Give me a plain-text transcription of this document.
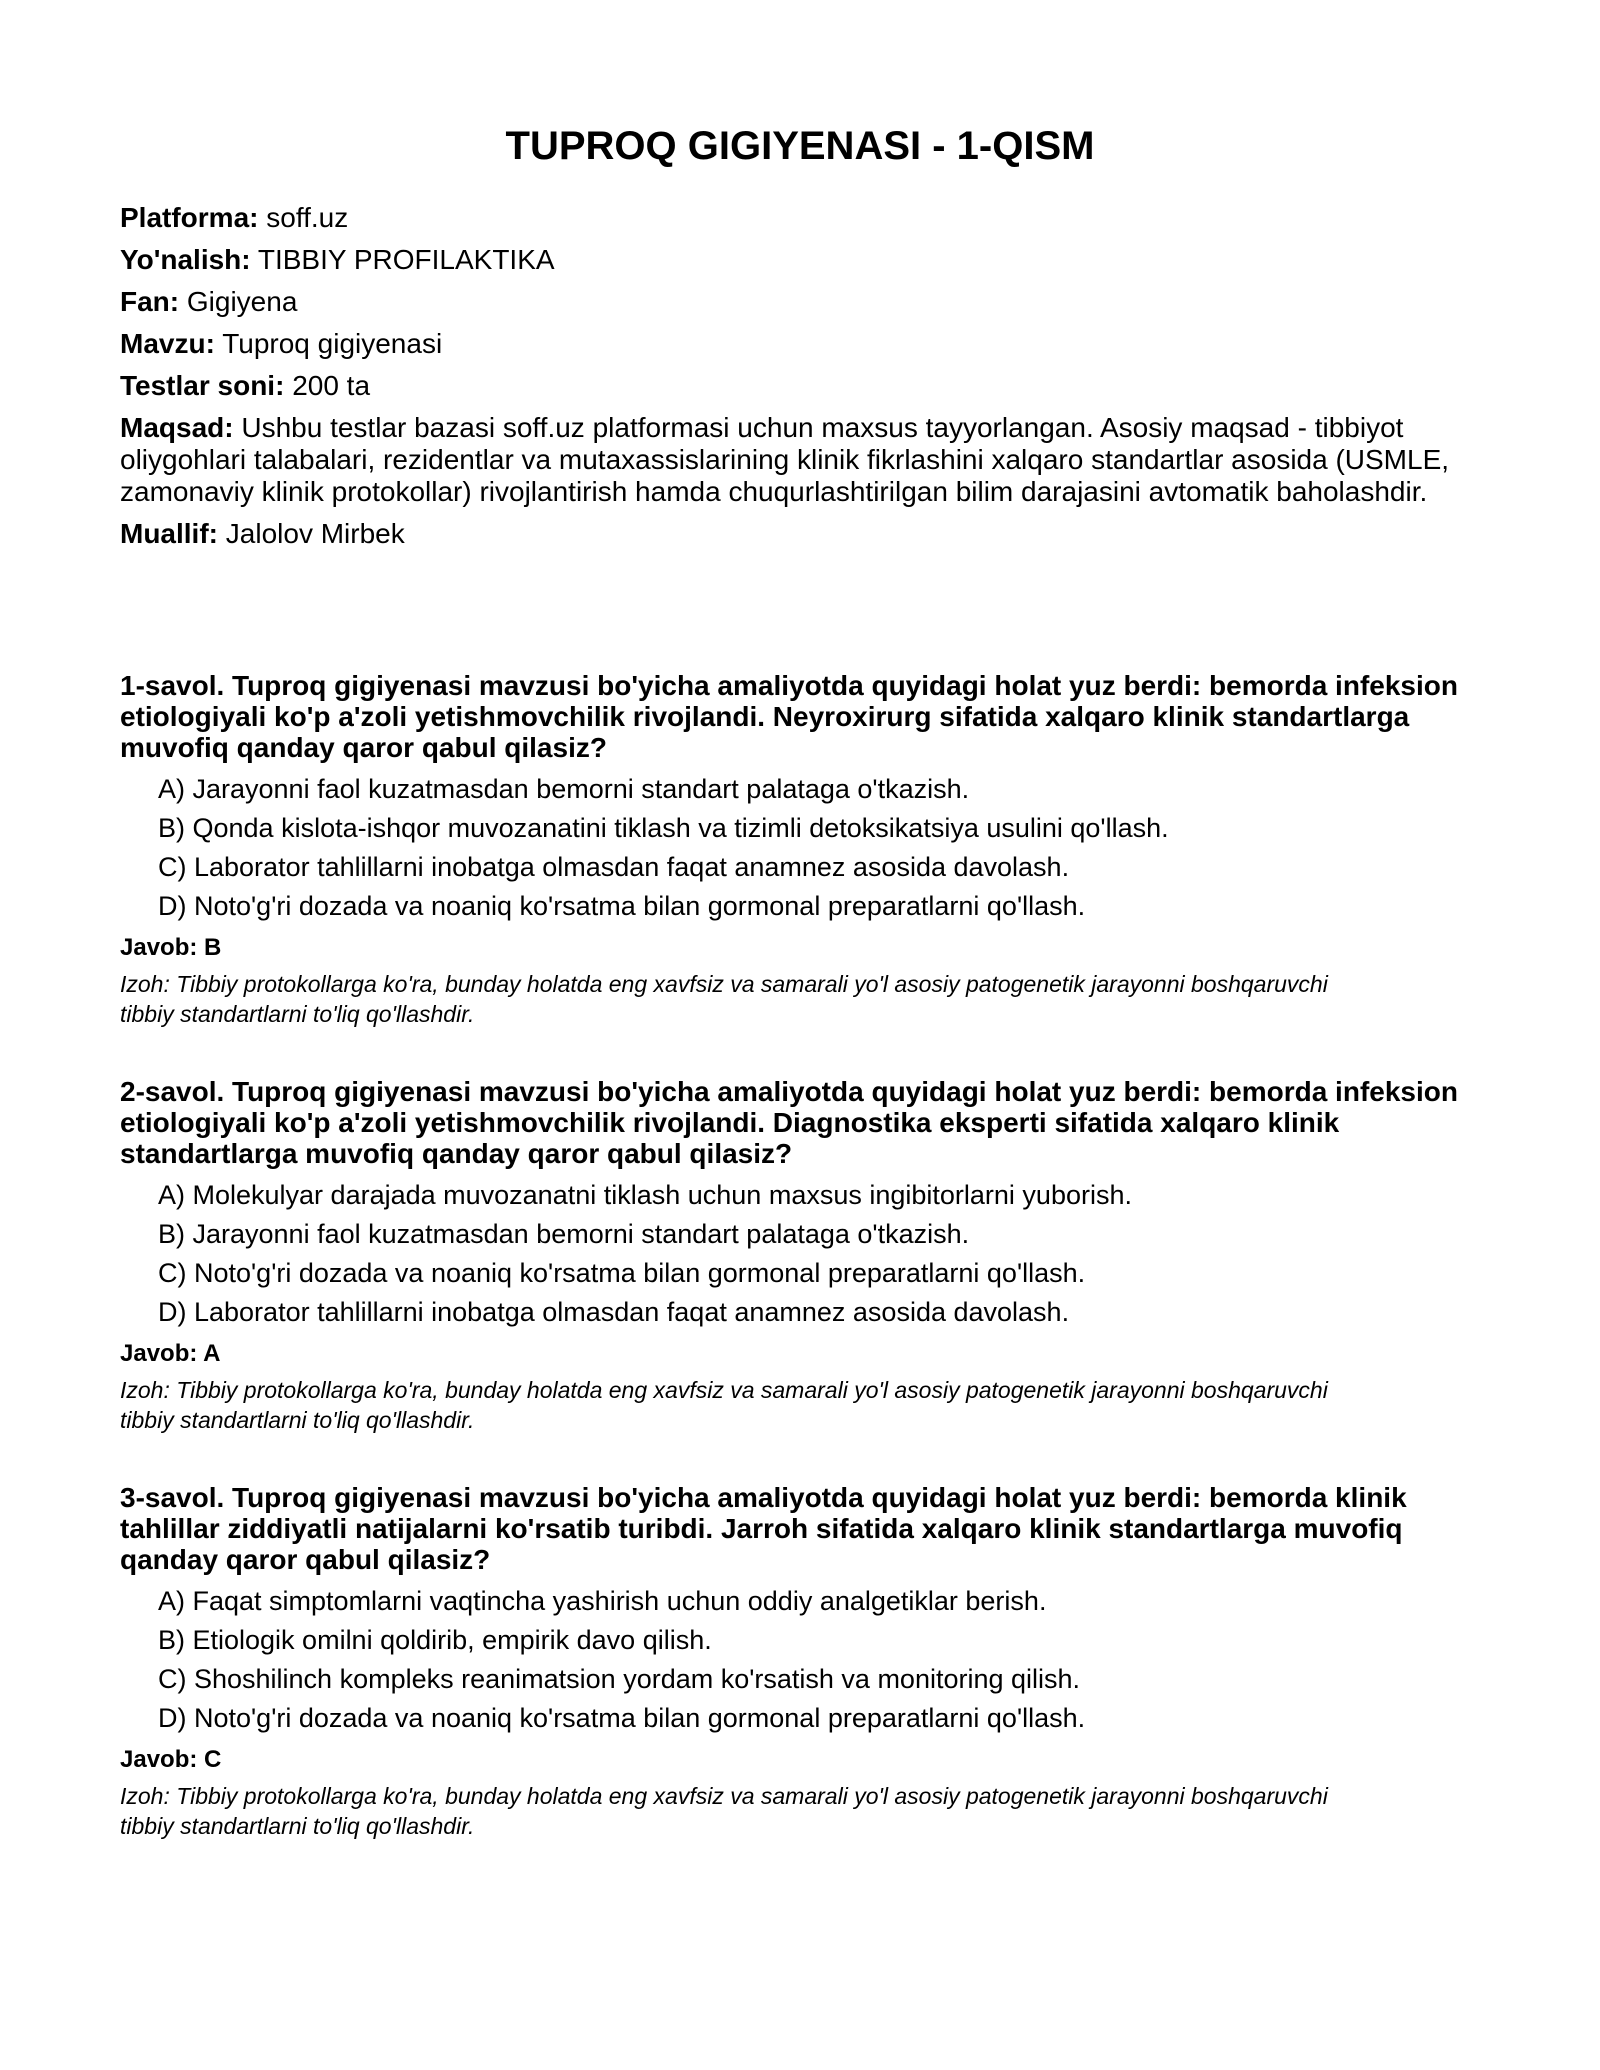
TUPROQ GIGIYENASI - 1-QISM
Platforma: soff.uz
Yo'nalish: TIBBIY PROFILAKTIKA
Fan: Gigiyena
Mavzu: Tuproq gigiyenasi
Testlar soni: 200 ta
Maqsad: Ushbu testlar bazasi soff.uz platformasi uchun maxsus tayyorlangan. Asosiy maqsad - tibbiyot oliygohlari talabalari, rezidentlar va mutaxassislarining klinik fikrlashini xalqaro standartlar asosida (USMLE, zamonaviy klinik protokollar) rivojlantirish hamda chuqurlashtirilgan bilim darajasini avtomatik baholashdir.
Muallif: Jalolov Mirbek
1-savol. Tuproq gigiyenasi mavzusi bo'yicha amaliyotda quyidagi holat yuz berdi: bemorda infeksion etiologiyali ko'p a'zoli yetishmovchilik rivojlandi. Neyroxirurg sifatida xalqaro klinik standartlarga muvofiq qanday qaror qabul qilasiz?
A) Jarayonni faol kuzatmasdan bemorni standart palataga o'tkazish.
B) Qonda kislota-ishqor muvozanatini tiklash va tizimli detoksikatsiya usulini qo'llash.
C) Laborator tahlillarni inobatga olmasdan faqat anamnez asosida davolash.
D) Noto'g'ri dozada va noaniq ko'rsatma bilan gormonal preparatlarni qo'llash.
Javob: B
Izoh: Tibbiy protokollarga ko'ra, bunday holatda eng xavfsiz va samarali yo'l asosiy patogenetik jarayonni boshqaruvchi tibbiy standartlarni to'liq qo'llashdir.
2-savol. Tuproq gigiyenasi mavzusi bo'yicha amaliyotda quyidagi holat yuz berdi: bemorda infeksion etiologiyali ko'p a'zoli yetishmovchilik rivojlandi. Diagnostika eksperti sifatida xalqaro klinik standartlarga muvofiq qanday qaror qabul qilasiz?
A) Molekulyar darajada muvozanatni tiklash uchun maxsus ingibitorlarni yuborish.
B) Jarayonni faol kuzatmasdan bemorni standart palataga o'tkazish.
C) Noto'g'ri dozada va noaniq ko'rsatma bilan gormonal preparatlarni qo'llash.
D) Laborator tahlillarni inobatga olmasdan faqat anamnez asosida davolash.
Javob: A
Izoh: Tibbiy protokollarga ko'ra, bunday holatda eng xavfsiz va samarali yo'l asosiy patogenetik jarayonni boshqaruvchi tibbiy standartlarni to'liq qo'llashdir.
3-savol. Tuproq gigiyenasi mavzusi bo'yicha amaliyotda quyidagi holat yuz berdi: bemorda klinik tahlillar ziddiyatli natijalarni ko'rsatib turibdi. Jarroh sifatida xalqaro klinik standartlarga muvofiq qanday qaror qabul qilasiz?
A) Faqat simptomlarni vaqtincha yashirish uchun oddiy analgetiklar berish.
B) Etiologik omilni qoldirib, empirik davo qilish.
C) Shoshilinch kompleks reanimatsion yordam ko'rsatish va monitoring qilish.
D) Noto'g'ri dozada va noaniq ko'rsatma bilan gormonal preparatlarni qo'llash.
Javob: C
Izoh: Tibbiy protokollarga ko'ra, bunday holatda eng xavfsiz va samarali yo'l asosiy patogenetik jarayonni boshqaruvchi tibbiy standartlarni to'liq qo'llashdir.
